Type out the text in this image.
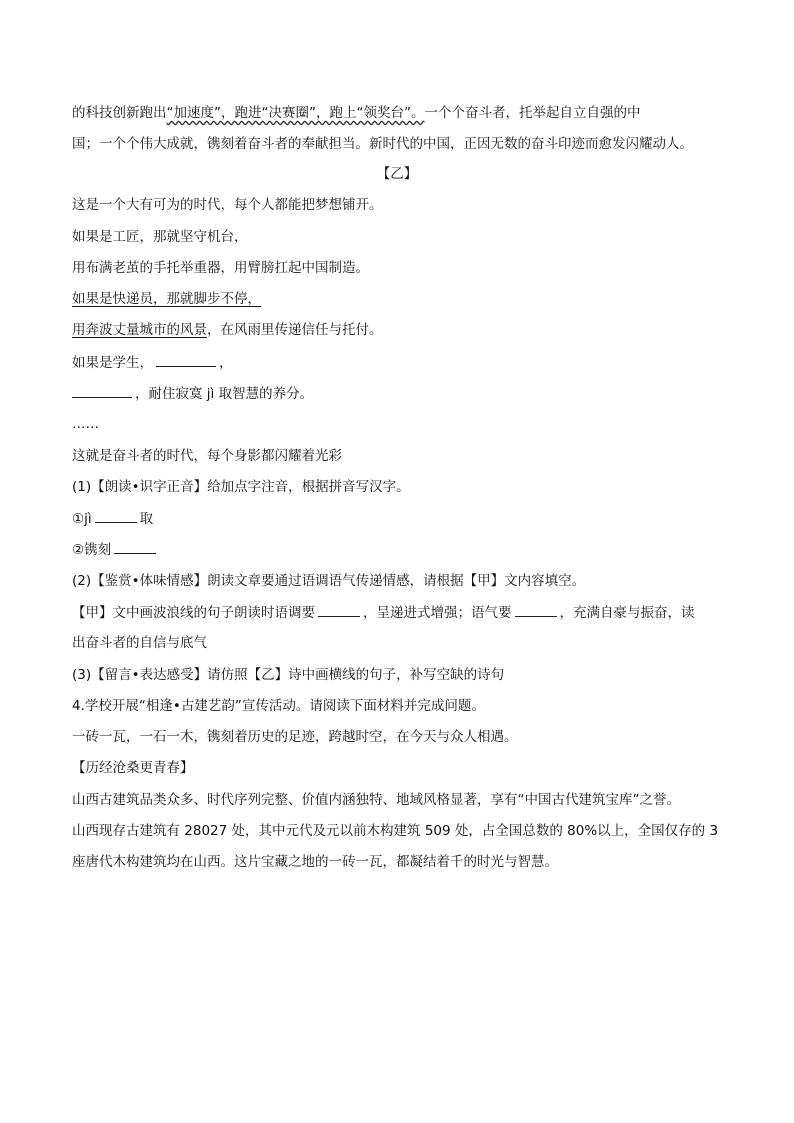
的科技创新跑出“加速度”，跑进“决赛圈”，跑上“领奖台”。一个个奋斗者，托举起自立自强的中
国；一个个伟大成就，镌刻着奋斗者的奉献担当。新时代的中国，正因无数的奋斗印迹而愈发闪耀动人。
【乙】
这是一个大有可为的时代，每个人都能把梦想铺开。
如果是工匠，那就坚守机台，
用布满老茧的手托举重器，用臂膀扛起中国制造。
如果是快递员，那就脚步不停，
用奔波丈量城市的风景，在风雨里传递信任与托付。
如果是学生，	，
，耐住寂寞 jì 取智慧的养分。
……
这就是奋斗者的时代，每个身影都闪耀着光彩
(1)【朗读•识字正音】给加点字注音，根据拼音写汉字。
①jì	取
②镌刻
(2)【鉴赏•体味情感】朗读文章要通过语调语气传递情感，请根据【甲】文内容填空。
【甲】文中画波浪线的句子朗读时语调要	，呈递进式增强；语气要	，充满自豪与振奋，读
出奋斗者的自信与底气
(3)【留言•表达感受】请仿照【乙】诗中画横线的句子，补写空缺的诗句
4.学校开展“相逢•古建艺韵”宣传活动。请阅读下面材料并完成问题。
一砖一瓦，一石一木，镌刻着历史的足迹，跨越时空，在今天与众人相遇。
【历经沧桑更青春】
山西古建筑品类众多、时代序列完整、价值内涵独特、地域风格显著，享有“中国古代建筑宝库”之誉。
山西现存古建筑有 28027 处，其中元代及元以前木构建筑 509 处，占全国总数的 80%以上，全国仅存的 3
座唐代木构建筑均在山西。这片宝藏之地的一砖一瓦，都凝结着千的时光与智慧。
